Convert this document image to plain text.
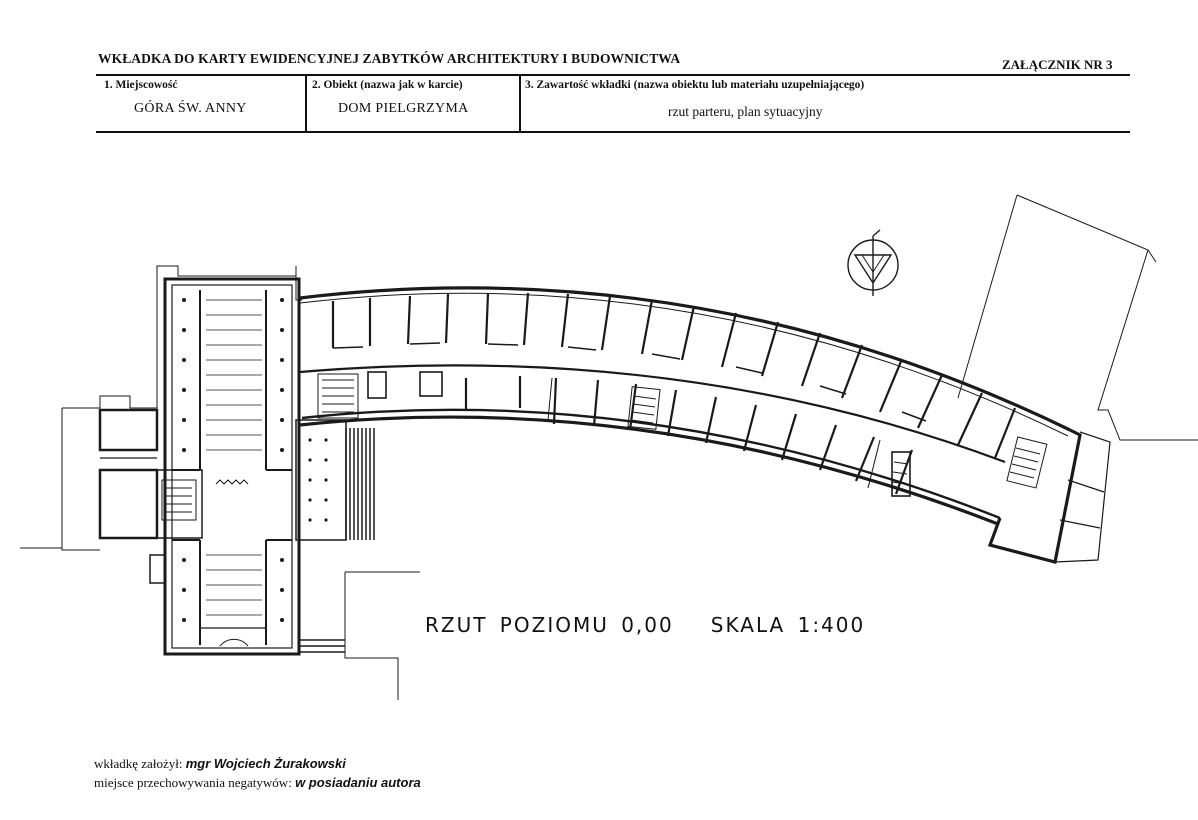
WKŁADKA DO KARTY EWIDENCYJNEJ ZABYTKÓW ARCHITEKTURY I BUDOWNICTWA	ZAŁĄCZNIK NR 3
1. Miejscowość
GÓRA ŚW. ANNY
2. Obiekt (nazwa jak w karcie)
DOM PIELGRZYMA
3. Zawartość wkładki (nazwa obiektu lub materiału uzupełniającego)
rzut parteru, plan sytuacyjny
RZUT POZIOMU 0,00   SKALA 1:400
wkładkę założył: mgr Wojciech Żurakowski
miejsce przechowywania negatywów: w posiadaniu autora
